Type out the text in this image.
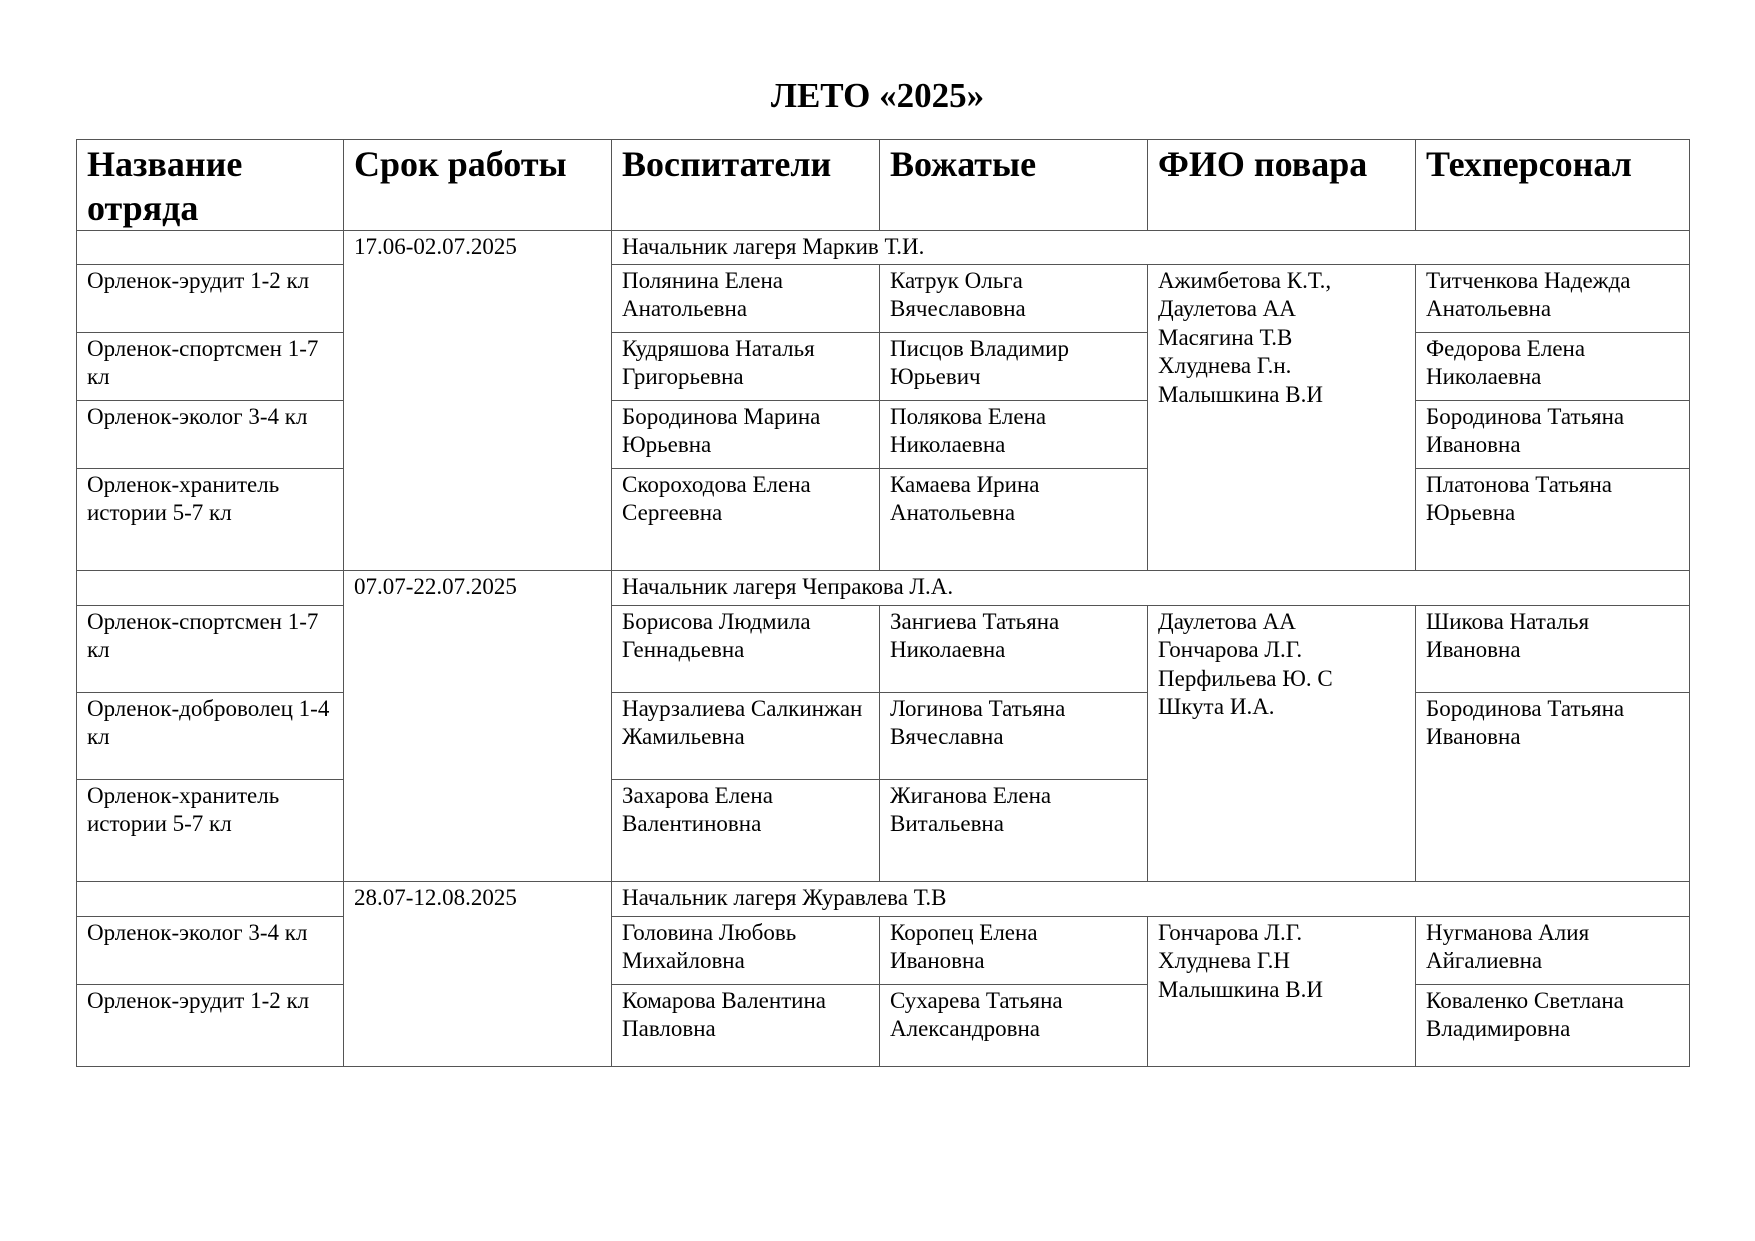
ЛЕТО «2025»
Название отряда	Срок работы	Воспитатели	Вожатые	ФИО повара	Техперсонал
	17.06-02.07.2025	Начальник лагеря Маркив Т.И.			
Орленок-эрудит 1-2 кл		Полянина Елена Анатольевна	Катрук Ольга Вячеславовна	Ажимбетова К.Т.,
Даулетова АА
Масягина Т.В
Хлуднева Г.н.
Малышкина В.И	Титченкова Надежда Анатольевна
Орленок-спортсмен 1-7 кл		Кудряшова Наталья Григорьевна	Писцов Владимир Юрьевич		Федорова Елена Николаевна
Орленок-эколог 3-4 кл		Бородинова Марина Юрьевна	Полякова Елена Николаевна		Бородинова Татьяна Ивановна
Орленок-хранитель истории 5-7 кл		Скороходова Елена Сергеевна	Камаева Ирина Анатольевна		Платонова Татьяна Юрьевна
	07.07-22.07.2025	Начальник лагеря Чепракова Л.А.			
Орленок-спортсмен 1-7 кл		Борисова Людмила Геннадьевна	Зангиева Татьяна Николаевна	Даулетова АА
Гончарова Л.Г.
Перфильева Ю. С
Шкута И.А.	Шикова Наталья Ивановна
Орленок-доброволец 1-4 кл		Наурзалиева Салкинжан Жамильевна	Логинова Татьяна Вячеславна		Бородинова Татьяна Ивановна
Орленок-хранитель истории 5-7 кл		Захарова Елена Валентиновна	Жиганова Елена Витальевна		
	28.07-12.08.2025	Начальник лагеря Журавлева Т.В			
Орленок-эколог 3-4 кл		Головина Любовь Михайловна	Коропец Елена Ивановна	Гончарова Л.Г.
Хлуднева Г.Н
Малышкина В.И	Нугманова Алия Айгалиевна
Орленок-эрудит 1-2 кл		Комарова Валентина Павловна	Сухарева Татьяна Александровна		Коваленко Светлана Владимировна
